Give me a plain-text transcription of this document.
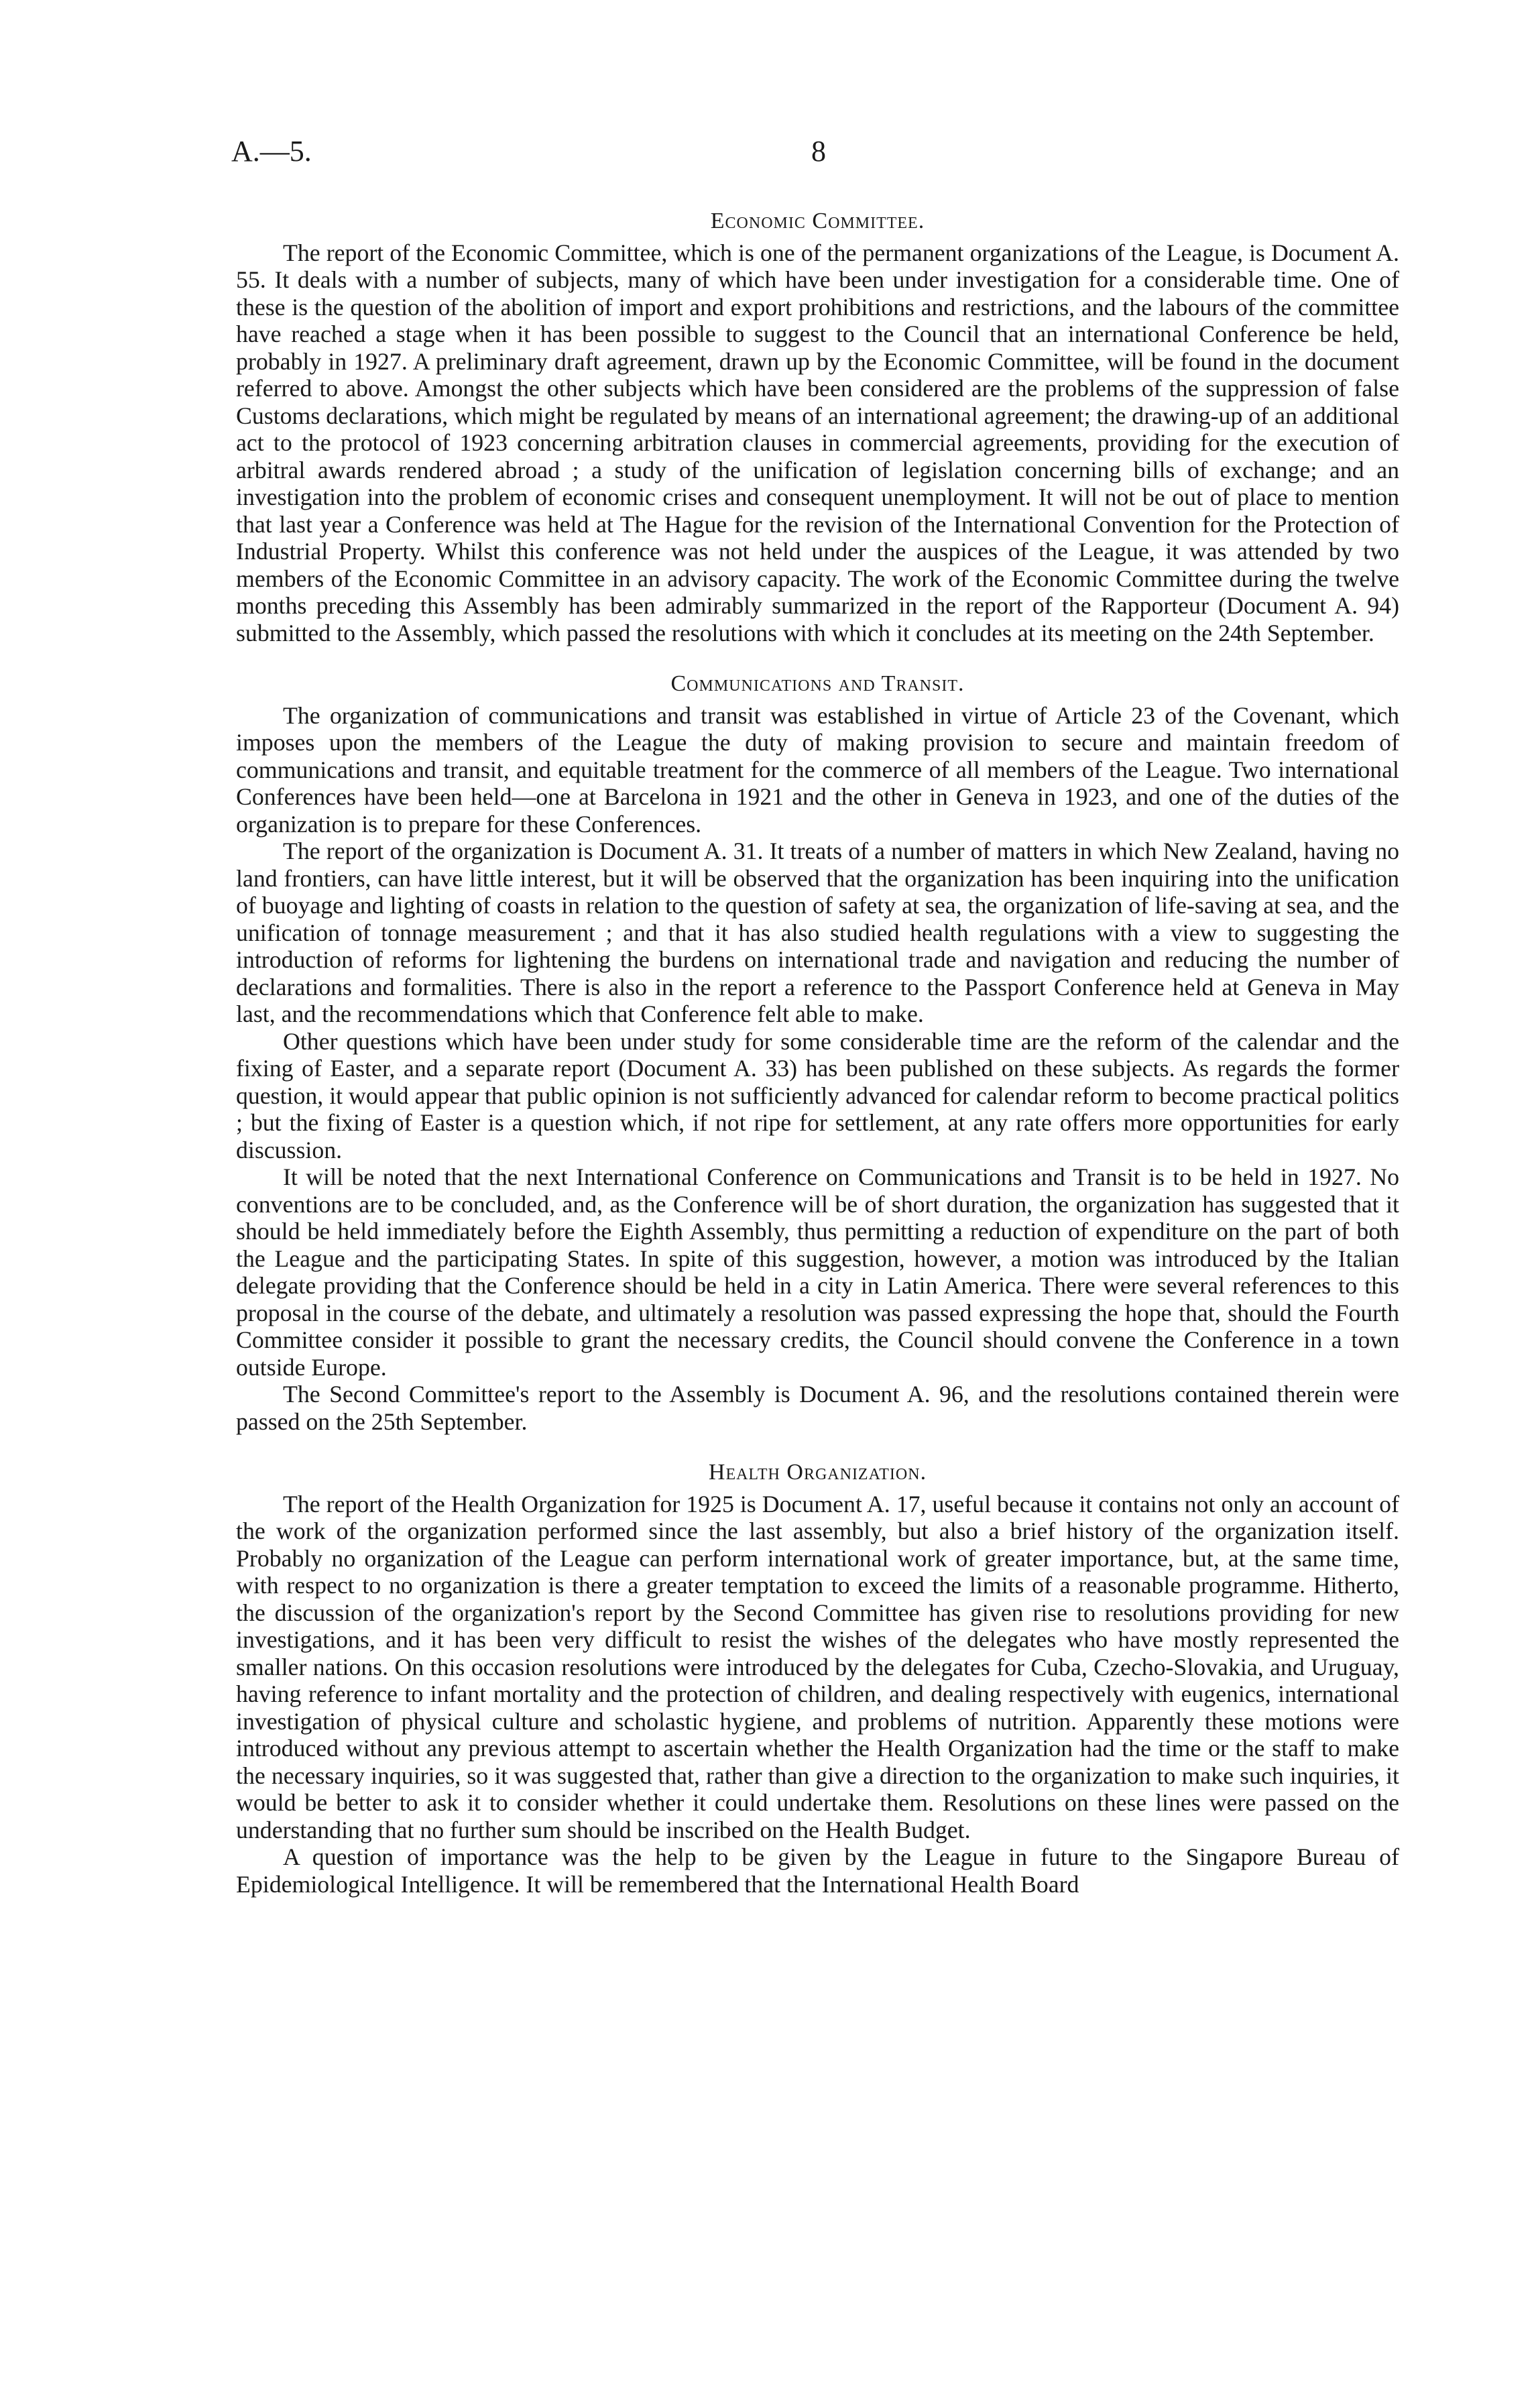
A.—5.	8
Economic Committee.

The report of the Economic Committee, which is one of the permanent organizations of the League, is Document A. 55. It deals with a number of subjects, many of which have been under investigation for a considerable time. One of these is the question of the abolition of import and export prohibitions and restrictions, and the labours of the committee have reached a stage when it has been possible to suggest to the Council that an international Conference be held, probably in 1927. A preliminary draft agreement, drawn up by the Economic Committee, will be found in the document referred to above. Amongst the other subjects which have been considered are the problems of the suppression of false Customs declarations, which might be regulated by means of an international agreement; the drawing-up of an additional act to the protocol of 1923 concerning arbitration clauses in commercial agreements, providing for the execution of arbitral awards rendered abroad ; a study of the unification of legislation concerning bills of exchange; and an investigation into the problem of economic crises and consequent unemployment. It will not be out of place to mention that last year a Conference was held at The Hague for the revision of the International Convention for the Protection of Industrial Property. Whilst this conference was not held under the auspices of the League, it was attended by two members of the Economic Committee in an advisory capacity. The work of the Economic Committee during the twelve months preceding this Assembly has been admirably summarized in the report of the Rapporteur (Document A. 94) submitted to the Assembly, which passed the resolutions with which it concludes at its meeting on the 24th September.

Communications and Transit.

The organization of communications and transit was established in virtue of Article 23 of the Covenant, which imposes upon the members of the League the duty of making provision to secure and maintain freedom of communications and transit, and equitable treatment for the commerce of all members of the League. Two international Conferences have been held—one at Barcelona in 1921 and the other in Geneva in 1923, and one of the duties of the organization is to prepare for these Conferences.

The report of the organization is Document A. 31. It treats of a number of matters in which New Zealand, having no land frontiers, can have little interest, but it will be observed that the organization has been inquiring into the unification of buoyage and lighting of coasts in relation to the question of safety at sea, the organization of life-saving at sea, and the unification of tonnage measurement ; and that it has also studied health regulations with a view to suggesting the introduction of reforms for lightening the burdens on international trade and navigation and reducing the number of declarations and formalities. There is also in the report a reference to the Passport Conference held at Geneva in May last, and the recommendations which that Conference felt able to make.

Other questions which have been under study for some considerable time are the reform of the calendar and the fixing of Easter, and a separate report (Document A. 33) has been published on these subjects. As regards the former question, it would appear that public opinion is not sufficiently advanced for calendar reform to become practical politics ; but the fixing of Easter is a question which, if not ripe for settlement, at any rate offers more opportunities for early discussion.

It will be noted that the next International Conference on Communications and Transit is to be held in 1927. No conventions are to be concluded, and, as the Conference will be of short duration, the organization has suggested that it should be held immediately before the Eighth Assembly, thus permitting a reduction of expenditure on the part of both the League and the participating States. In spite of this suggestion, however, a motion was introduced by the Italian delegate providing that the Conference should be held in a city in Latin America. There were several references to this proposal in the course of the debate, and ultimately a resolution was passed expressing the hope that, should the Fourth Committee consider it possible to grant the necessary credits, the Council should convene the Conference in a town outside Europe.

The Second Committee's report to the Assembly is Document A. 96, and the resolutions contained therein were passed on the 25th September.

Health Organization.

The report of the Health Organization for 1925 is Document A. 17, useful because it contains not only an account of the work of the organization performed since the last assembly, but also a brief history of the organization itself. Probably no organization of the League can perform international work of greater importance, but, at the same time, with respect to no organization is there a greater temptation to exceed the limits of a reasonable programme. Hitherto, the discussion of the organization's report by the Second Committee has given rise to resolutions providing for new investigations, and it has been very difficult to resist the wishes of the delegates who have mostly represented the smaller nations. On this occasion resolutions were introduced by the delegates for Cuba, Czecho-Slovakia, and Uruguay, having reference to infant mortality and the protection of children, and dealing respectively with eugenics, international investigation of physical culture and scholastic hygiene, and problems of nutrition. Apparently these motions were introduced without any previous attempt to ascertain whether the Health Organization had the time or the staff to make the necessary inquiries, so it was suggested that, rather than give a direction to the organization to make such inquiries, it would be better to ask it to consider whether it could undertake them. Resolutions on these lines were passed on the understanding that no further sum should be inscribed on the Health Budget.

A question of importance was the help to be given by the League in future to the Singapore Bureau of Epidemiological Intelligence. It will be remembered that the International Health Board
